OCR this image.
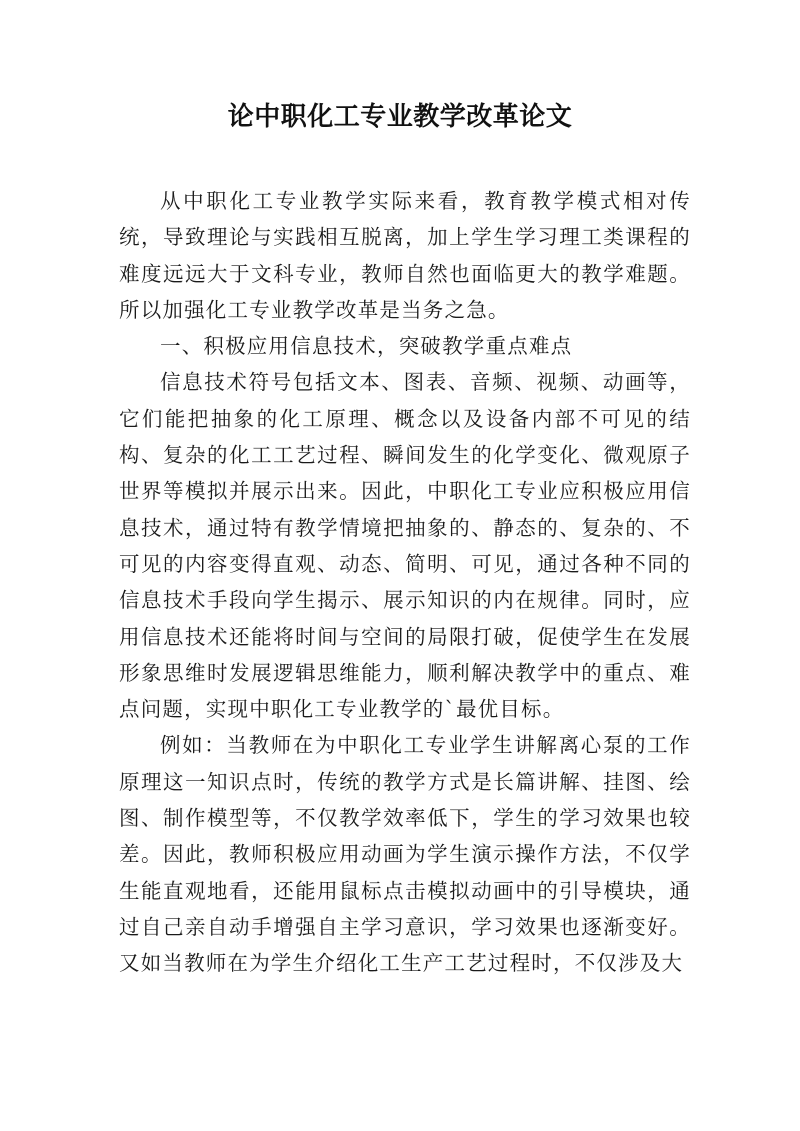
论中职化工专业教学改革论文

从中职化工专业教学实际来看，教育教学模式相对传统，导致理论与实践相互脱离，加上学生学习理工类课程的难度远远大于文科专业，教师自然也面临更大的教学难题。所以加强化工专业教学改革是当务之急。

一、积极应用信息技术，突破教学重点难点

信息技术符号包括文本、图表、音频、视频、动画等，它们能把抽象的化工原理、概念以及设备内部不可见的结构、复杂的化工工艺过程、瞬间发生的化学变化、微观原子世界等模拟并展示出来。因此，中职化工专业应积极应用信息技术，通过特有教学情境把抽象的、静态的、复杂的、不可见的内容变得直观、动态、简明、可见，通过各种不同的信息技术手段向学生揭示、展示知识的内在规律。同时，应用信息技术还能将时间与空间的局限打破，促使学生在发展形象思维时发展逻辑思维能力，顺利解决教学中的重点、难点问题，实现中职化工专业教学的`最优目标。

例如：当教师在为中职化工专业学生讲解离心泵的工作原理这一知识点时，传统的教学方式是长篇讲解、挂图、绘图、制作模型等，不仅教学效率低下，学生的学习效果也较差。因此，教师积极应用动画为学生演示操作方法，不仅学生能直观地看，还能用鼠标点击模拟动画中的引导模块，通过自己亲自动手增强自主学习意识，学习效果也逐渐变好。又如当教师在为学生介绍化工生产工艺过程时，不仅涉及大
